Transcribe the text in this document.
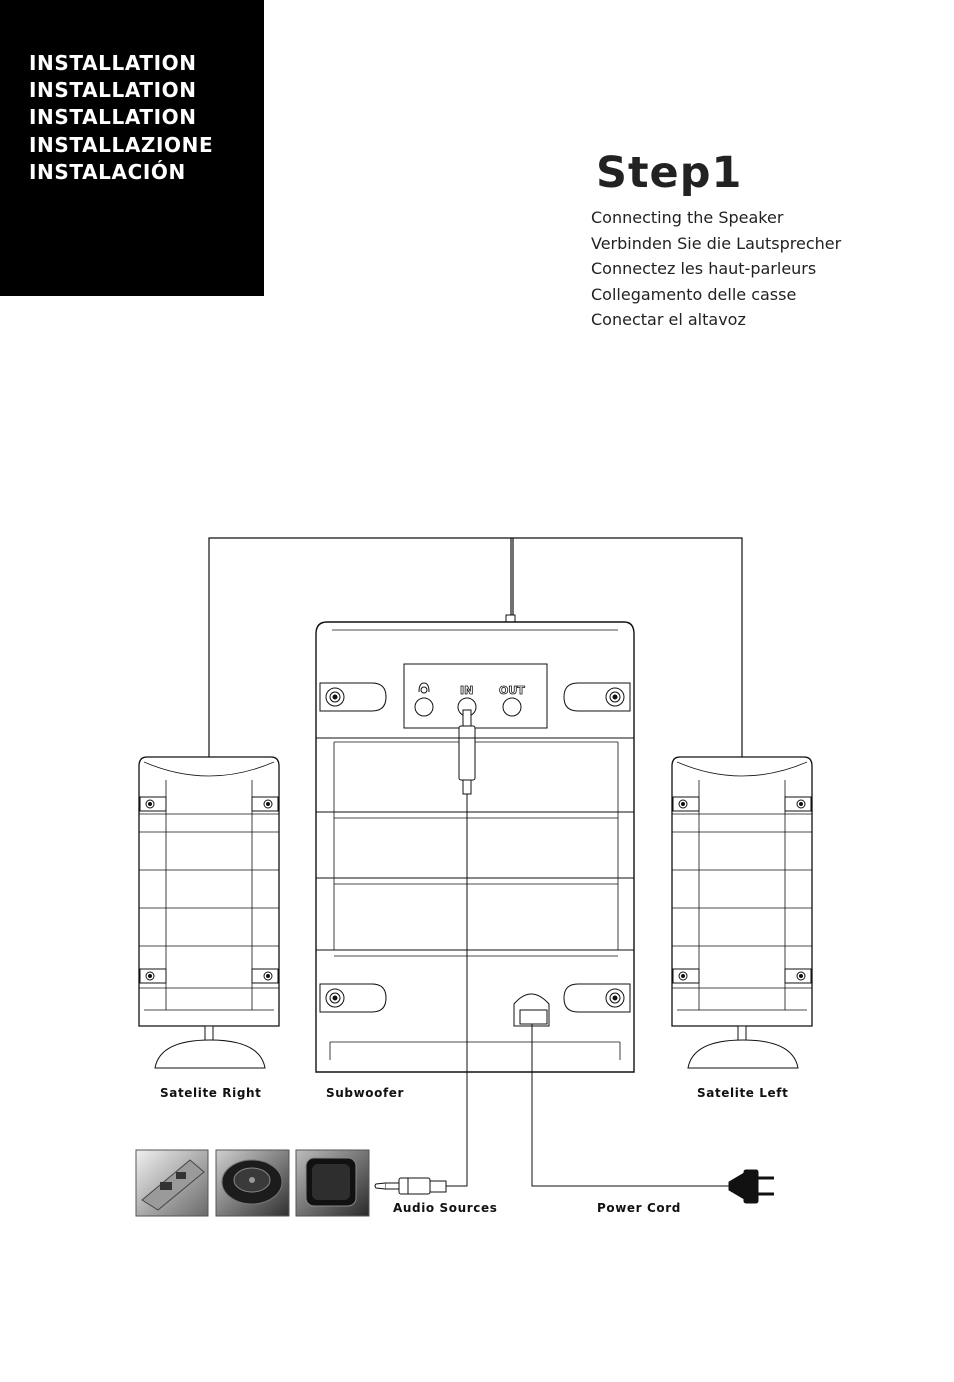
INSTALLATION
INSTALLATION
INSTALLATION
INSTALLAZIONE
INSTALACIÓN	Step1
Connecting the Speaker
Verbinden Sie die Lautsprecher
Connectez les haut-parleurs
Collegamento delle casse
Conectar el altavoz
IN OUT
Satelite Right	Subwoofer	Satelite Left
Audio Sources	Power Cord
